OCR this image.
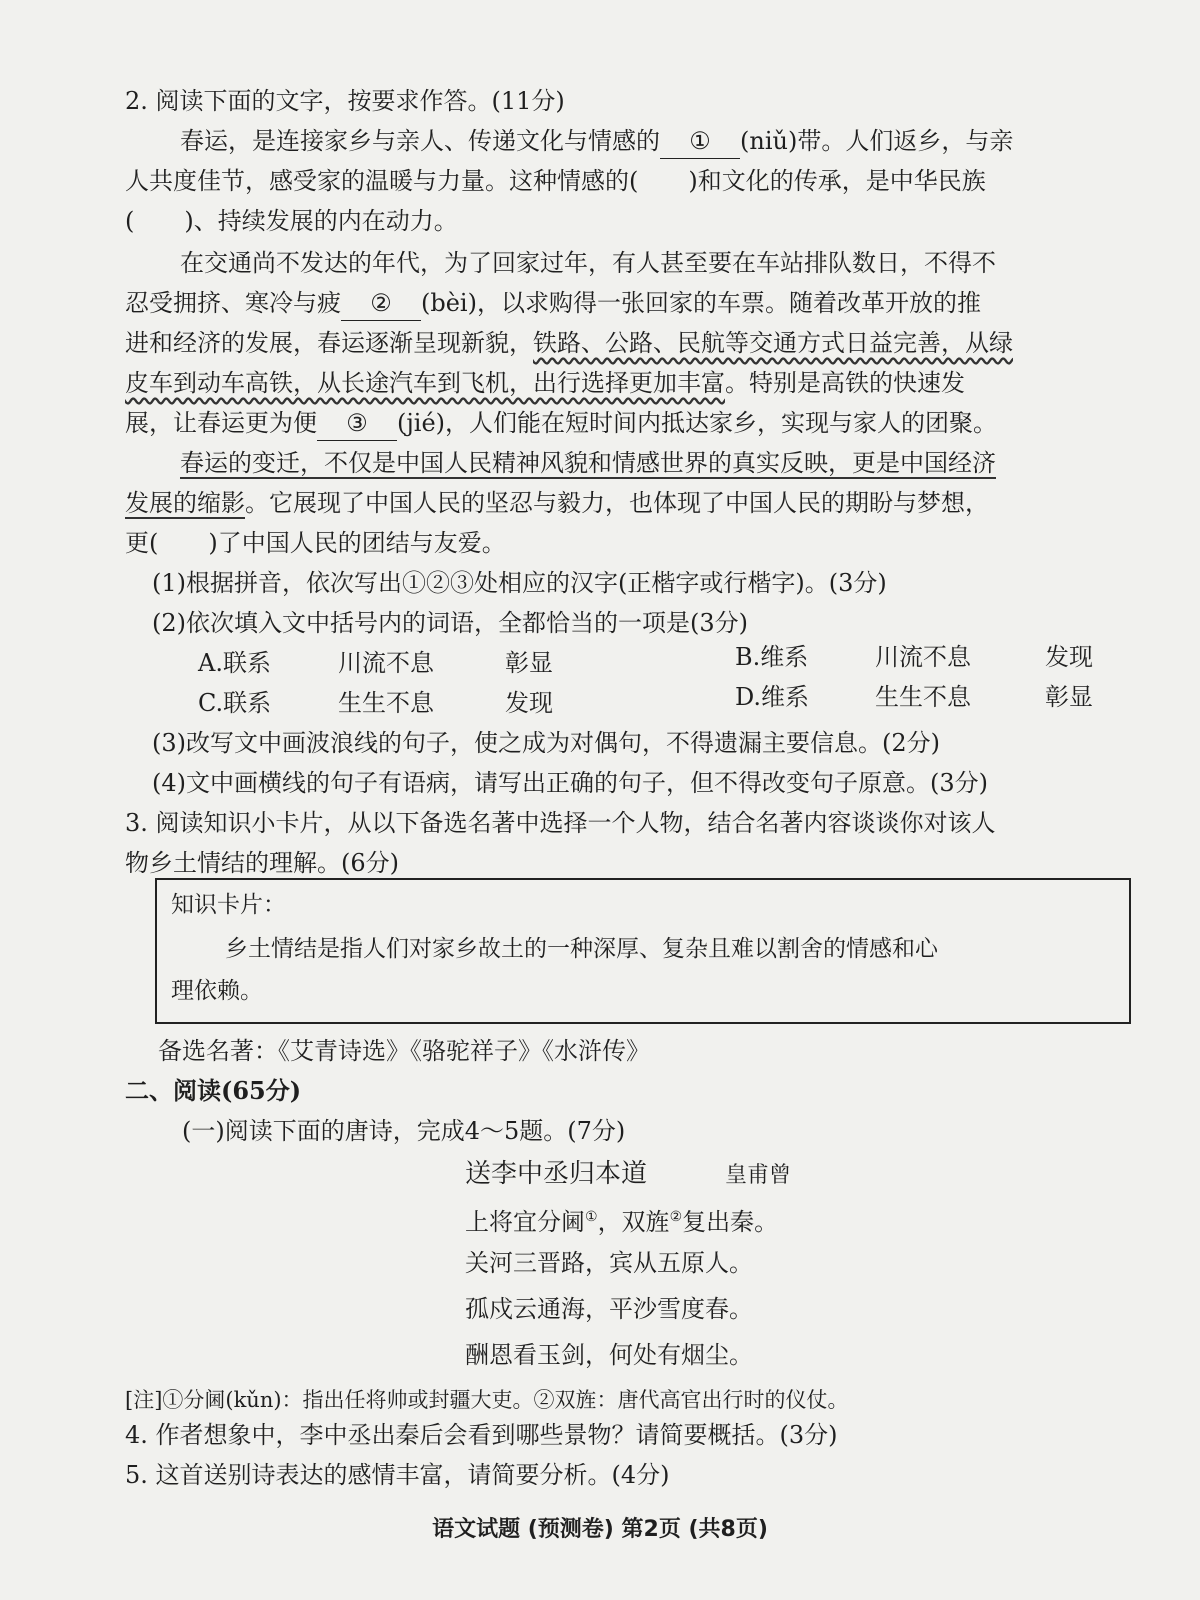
2. 阅读下面的文字，按要求作答。(11分)
春运，是连接家乡与亲人、传递文化与情感的 ① (niǔ)带。人们返乡，与亲
人共度佳节，感受家的温暖与力量。这种情感的( )和文化的传承，是中华民族
( )、持续发展的内在动力。
在交通尚不发达的年代，为了回家过年，有人甚至要在车站排队数日，不得不
忍受拥挤、寒冷与疲 ② (bèi)，以求购得一张回家的车票。随着改革开放的推
进和经济的发展，春运逐渐呈现新貌，铁路、公路、民航等交通方式日益完善，从绿
皮车到动车高铁，从长途汽车到飞机，出行选择更加丰富。特别是高铁的快速发
展，让春运更为便 ③ (jié)，人们能在短时间内抵达家乡，实现与家人的团聚。
春运的变迁，不仅是中国人民精神风貌和情感世界的真实反映，更是中国经济
发展的缩影。它展现了中国人民的坚忍与毅力，也体现了中国人民的期盼与梦想，
更( )了中国人民的团结与友爱。
(1)根据拼音，依次写出①②③处相应的汉字(正楷字或行楷字)。(3分)
(2)依次填入文中括号内的词语，全都恰当的一项是(3分)
A.联系	川流不息	彰显	B.维系	川流不息	发现
C.联系	生生不息	发现	D.维系	生生不息	彰显
(3)改写文中画波浪线的句子，使之成为对偶句，不得遗漏主要信息。(2分)
(4)文中画横线的句子有语病，请写出正确的句子，但不得改变句子原意。(3分)
3. 阅读知识小卡片，从以下备选名著中选择一个人物，结合名著内容谈谈你对该人
物乡土情结的理解。(6分)
知识卡片：
乡土情结是指人们对家乡故土的一种深厚、复杂且难以割舍的情感和心
理依赖。
备选名著：《艾青诗选》《骆驼祥子》《水浒传》
二、阅读(65分)
(一)阅读下面的唐诗，完成4～5题。(7分)
送李中丞归本道	皇甫曾
上将宜分阃①，双旌②复出秦。
关河三晋路，宾从五原人。
孤戍云通海，平沙雪度春。
酬恩看玉剑，何处有烟尘。
[注]①分阃(kǔn)：指出任将帅或封疆大吏。②双旌：唐代高官出行时的仪仗。
4. 作者想象中，李中丞出秦后会看到哪些景物？请简要概括。(3分)
5. 这首送别诗表达的感情丰富，请简要分析。(4分)
语文试题 (预测卷) 第2页 (共8页)
